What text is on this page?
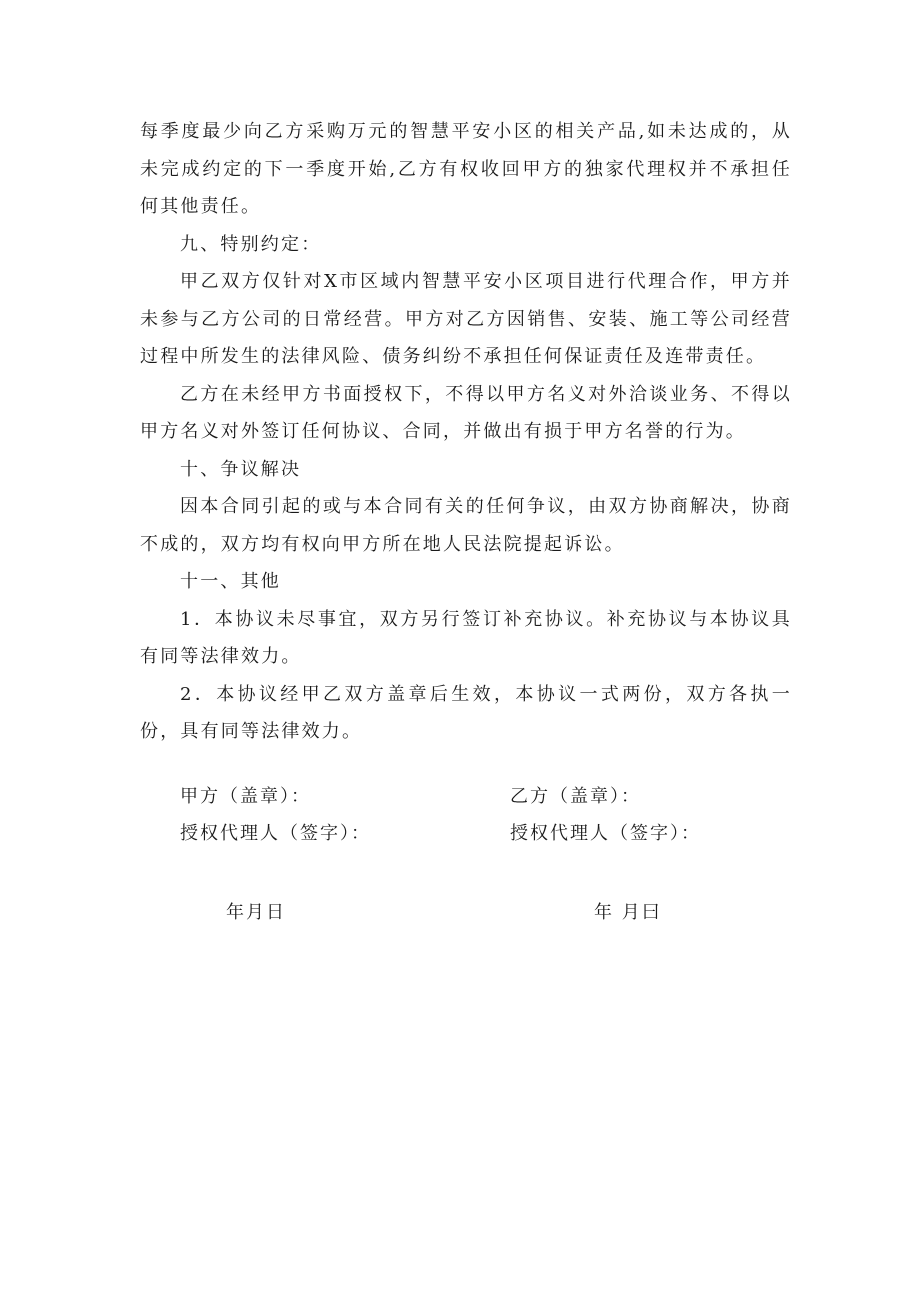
每季度最少向乙方采购万元的智慧平安小区的相关产品,如未达成的，从未完成约定的下一季度开始,乙方有权收回甲方的独家代理权并不承担任何其他责任。

九、特别约定：

甲乙双方仅针对X市区域内智慧平安小区项目进行代理合作，甲方并未参与乙方公司的日常经营。甲方对乙方因销售、安装、施工等公司经营过程中所发生的法律风险、债务纠纷不承担任何保证责任及连带责任。

乙方在未经甲方书面授权下，不得以甲方名义对外洽谈业务、不得以甲方名义对外签订任何协议、合同，并做出有损于甲方名誉的行为。

十、争议解决

因本合同引起的或与本合同有关的任何争议，由双方协商解决，协商不成的，双方均有权向甲方所在地人民法院提起诉讼。

十一、其他

1．本协议未尽事宜，双方另行签订补充协议。补充协议与本协议具有同等法律效力。

2．本协议经甲乙双方盖章后生效，本协议一式两份，双方各执一份，具有同等法律效力。

甲方（盖章）：	乙方（盖章）：
授权代理人（签字）：	授权代理人（签字）：
年月日	年 月曰
